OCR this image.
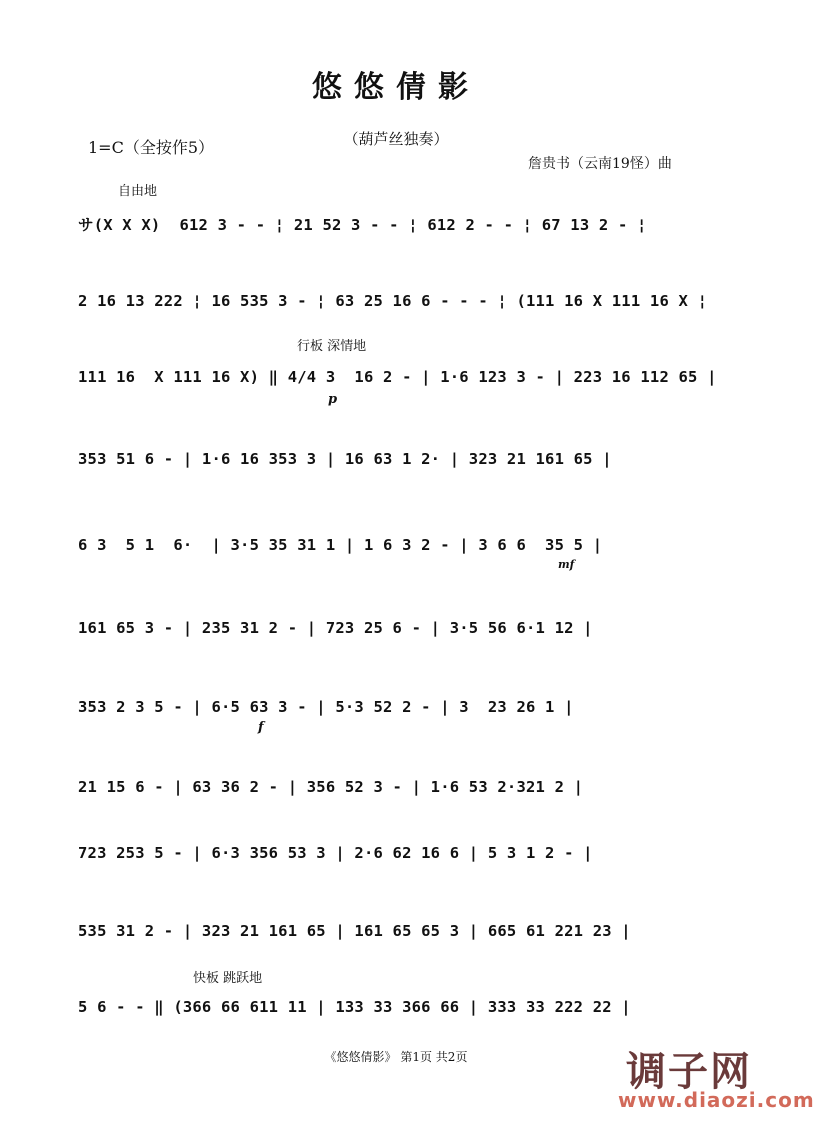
悠悠倩影
1=C（全按作5）	（葫芦丝独奏）
詹贵书（云南19怪）曲
自由地
サ(X X X)  612 3 - - ¦ 21 52 3 - - ¦ 612 2 - - ¦ 67 13 2 - ¦
2 16 13 222 ¦ 16 535 3 - ¦ 63 25 16 6 - - - ¦ (111 16 X 111 16 X ¦
行板 深情地
111 16  X 111 16 X) ‖ 4/4 3  16 2 - | 1·6 123 3 - | 223 16 112 65 |
p
353 51 6 - | 1·6 16 353 3 | 16 63 1 2· | 323 21 161 65 |
6 3  5 1  6·  | 3·5 35 31 1 | 1 6 3 2 - | 3 6 6  35 5 |
mf
161 65 3 - | 235 31 2 - | 723 25 6 - | 3·5 56 6·1 12 |
353 2 3 5 - | 6·5 63 3 - | 5·3 52 2 - | 3  23 26 1 |
f
21 15 6 - | 63 36 2 - | 356 52 3 - | 1·6 53 2·321 2 |
723 253 5 - | 6·3 356 53 3 | 2·6 62 16 6 | 5 3 1 2 - |
535 31 2 - | 323 21 161 65 | 161 65 65 3 | 665 61 221 23 |
快板 跳跃地
5 6 - - ‖ (366 66 611 11 | 133 33 366 66 | 333 33 222 22 |
《悠悠倩影》 第1页 共2页	调子网
www.diaozi.com
